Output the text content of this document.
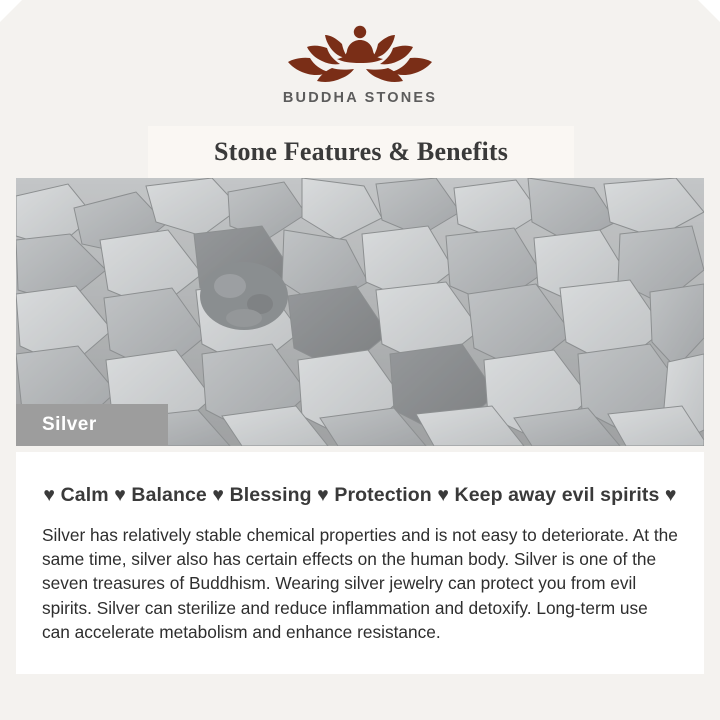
BUDDHA STONES
Stone Features & Benefits
Silver
♥ Calm ♥ Balance ♥ Blessing ♥ Protection ♥ Keep away evil spirits ♥
Silver has relatively stable chemical properties and is not easy to deteriorate. At the same time, silver also has certain effects on the human body. Silver is one of the seven treasures of Buddhism. Wearing silver jewelry can protect you from evil spirits. Silver can sterilize and reduce inflammation and detoxify. Long-term use can accelerate metabolism and enhance resistance.
